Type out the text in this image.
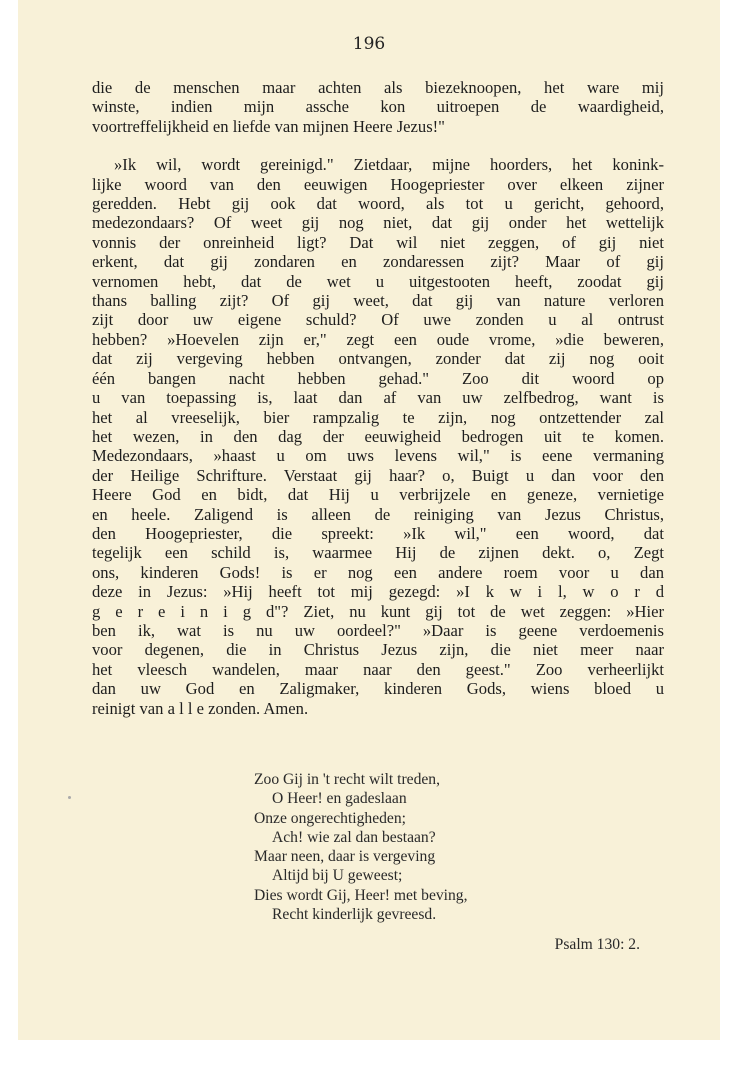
196
die de menschen maar achten als biezeknoopen, het ware mij
winste, indien mijn assche kon uitroepen de waardigheid,
voortreffelijkheid en liefde van mijnen Heere Jezus!"
»Ik wil, wordt gereinigd." Zietdaar, mijne hoorders, het konink-
lijke woord van den eeuwigen Hoogepriester over elkeen zijner
geredden. Hebt gij ook dat woord, als tot u gericht, gehoord,
medezondaars? Of weet gij nog niet, dat gij onder het wettelijk
vonnis der onreinheid ligt? Dat wil niet zeggen, of gij niet
erkent, dat gij zondaren en zondaressen zijt? Maar of gij
vernomen hebt, dat de wet u uitgestooten heeft, zoodat gij
thans balling zijt? Of gij weet, dat gij van nature verloren
zijt door uw eigene schuld? Of uwe zonden u al ontrust
hebben? »Hoevelen zijn er," zegt een oude vrome, »die beweren,
dat zij vergeving hebben ontvangen, zonder dat zij nog ooit
één bangen nacht hebben gehad." Zoo dit woord op
u van toepassing is, laat dan af van uw zelfbedrog, want is
het al vreeselijk, bier rampzalig te zijn, nog ontzettender zal
het wezen, in den dag der eeuwigheid bedrogen uit te komen.
Medezondaars, »haast u om uws levens wil," is eene vermaning
der Heilige Schrifture. Verstaat gij haar? o, Buigt u dan voor den
Heere God en bidt, dat Hij u verbrijzele en geneze, vernietige
en heele. Zaligend is alleen de reiniging van Jezus Christus,
den Hoogepriester, die spreekt: »Ik wil," een woord, dat
tegelijk een schild is, waarmee Hij de zijnen dekt. o, Zegt
ons, kinderen Gods! is er nog een andere roem voor u dan
deze in Jezus: »Hij heeft tot mij gezegd: »I k w i l, w o r d
g e r e i n i g d"? Ziet, nu kunt gij tot de wet zeggen: »Hier
ben ik, wat is nu uw oordeel?" »Daar is geene verdoemenis
voor degenen, die in Christus Jezus zijn, die niet meer naar
het vleesch wandelen, maar naar den geest." Zoo verheerlijkt
dan uw God en Zaligmaker, kinderen Gods, wiens bloed u
reinigt van a l l e zonden. Amen.
Zoo Gij in 't recht wilt treden,
O Heer! en gadeslaan
Onze ongerechtigheden;
Ach! wie zal dan bestaan?
Maar neen, daar is vergeving
Altijd bij U geweest;
Dies wordt Gij, Heer! met beving,
Recht kinderlijk gevreesd.
Psalm 130: 2.
